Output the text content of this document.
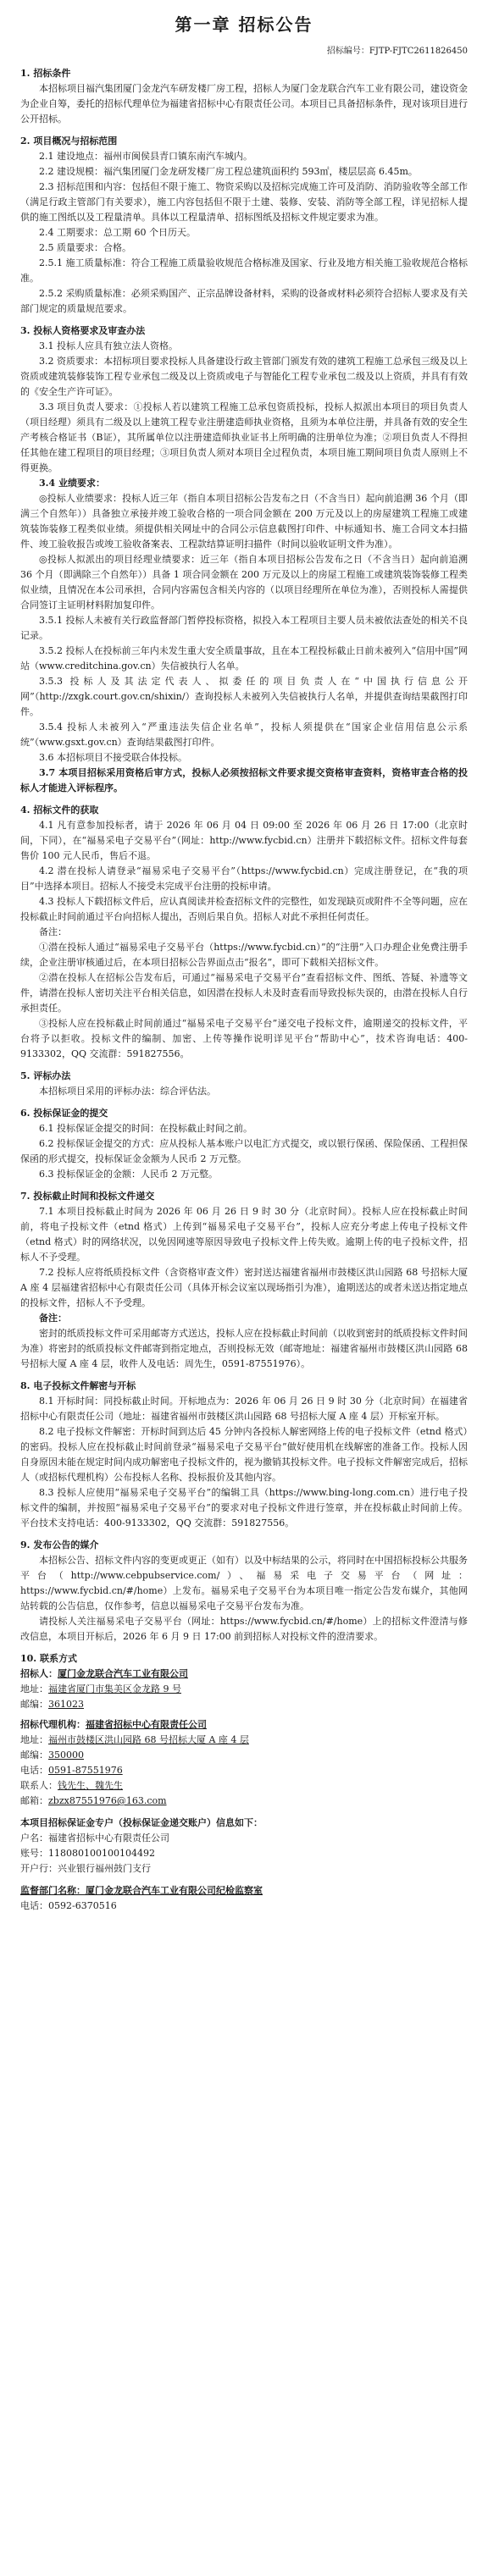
第一章 招标公告
招标编号：FJTP-FJTC2611826450
1. 招标条件

本招标项目福汽集团厦门金龙汽车研发楼厂房工程，招标人为厦门金龙联合汽车工业有限公司，建设资金为企业自筹，委托的招标代理单位为福建省招标中心有限责任公司。本项目已具备招标条件，现对该项目进行公开招标。

2. 项目概况与招标范围

2.1 建设地点：福州市闽侯县青口镇东南汽车城内。

2.2 建设规模：福汽集团厦门金龙研发楼厂房工程总建筑面积约 593㎡，楼层层高 6.45m。

2.3 招标范围和内容：包括但不限于施工、物资采购以及招标完成施工许可及消防、消防验收等全部工作（满足行政主管部门有关要求），施工内容包括但不限于土建、装修、安装、消防等全部工程，详见招标人提供的施工图纸以及工程量清单。具体以工程量清单、招标图纸及招标文件规定要求为准。

2.4 工期要求：总工期 60 个日历天。

2.5 质量要求：合格。

2.5.1 施工质量标准：符合工程施工质量验收规范合格标准及国家、行业及地方相关施工验收规范合格标准。

2.5.2 采购质量标准：必须采购国产、正宗品牌设备材料，采购的设备或材料必须符合招标人要求及有关部门规定的质量规范要求。

3. 投标人资格要求及审查办法

3.1 投标人应具有独立法人资格。

3.2 资质要求：本招标项目要求投标人具备建设行政主管部门颁发有效的建筑工程施工总承包三级及以上资质或建筑装修装饰工程专业承包二级及以上资质或电子与智能化工程专业承包二级及以上资质，并具有有效的《安全生产许可证》。

3.3 项目负责人要求：①投标人若以建筑工程施工总承包资质投标，投标人拟派出本项目的项目负责人（项目经理）须具有二级及以上建筑工程专业注册建造师执业资格，且须为本单位注册，并具备有效的安全生产考核合格证书（B证），其所属单位以注册建造师执业证书上所明确的注册单位为准；②项目负责人不得担任其他在建工程项目的项目经理；③项目负责人须对本项目全过程负责，本项目施工期间项目负责人原则上不得更换。

3.4 业绩要求：

◎投标人业绩要求：投标人近三年（指自本项目招标公告发布之日（不含当日）起向前追溯 36 个月（即满三个自然年））具备独立承接并竣工验收合格的一项合同金额在 200 万元及以上的房屋建筑工程施工或建筑装饰装修工程类似业绩。须提供相关网址中的合同公示信息截图打印件、中标通知书、施工合同文本扫描件、竣工验收报告或竣工验收备案表、工程款结算证明扫描件（时间以验收证明文件为准）。

◎投标人拟派出的项目经理业绩要求：近三年（指自本项目招标公告发布之日（不含当日）起向前追溯 36 个月（即满除三个自然年））具备 1 项合同金额在 200 万元及以上的房屋工程施工或建筑装饰装修工程类似业绩，且情况在本公司承担，合同内容需包含相关内容的（以项目经理所在单位为准），否则投标人需提供合同签订主证明材料附加复印件。

3.5.1 投标人未被有关行政监督部门暂停投标资格，拟投入本工程项目主要人员未被依法查处的相关不良记录。

3.5.2 投标人在投标前三年内未发生重大安全质量事故，且在本工程投标截止日前未被列入“信用中国”网站（www.creditchina.gov.cn）失信被执行人名单。

3.5.3 投标人及其法定代表人、拟委任的项目负责人在“中国执行信息公开网”（http://zxgk.court.gov.cn/shixin/）查询投标人未被列入失信被执行人名单，并提供查询结果截图打印件。

3.5.4 投标人未被列入“严重违法失信企业名单”，投标人须提供在“国家企业信用信息公示系统”（www.gsxt.gov.cn）查询结果截图打印件。

3.6 本招标项目不接受联合体投标。

3.7 本项目招标采用资格后审方式，投标人必须按招标文件要求提交资格审查资料，资格审查合格的投标人才能进入评标程序。

4. 招标文件的获取

4.1 凡有意参加投标者，请于 2026 年 06 月 04 日 09:00 至 2026 年 06 月 26 日 17:00（北京时间，下同），在“福易采电子交易平台”（网址：http://www.fycbid.cn）注册并下载招标文件。招标文件每套售价 100 元人民币，售后不退。

4.2 潜在投标人请登录“福易采电子交易平台”（https://www.fycbid.cn）完成注册登记，在“我的项目”中选择本项目。招标人不接受未完成平台注册的投标申请。

4.3 投标人下载招标文件后，应认真阅读并检查招标文件的完整性，如发现缺页或附件不全等问题，应在投标截止时间前通过平台向招标人提出，否则后果自负。招标人对此不承担任何责任。

备注：

①潜在投标人通过“福易采电子交易平台（https://www.fycbid.cn）”的“注册”入口办理企业免费注册手续，企业注册审核通过后，在本项目招标公告界面点击“报名”，即可下载相关招标文件。

②潜在投标人在招标公告发布后，可通过“福易采电子交易平台”查看招标文件、图纸、答疑、补遗等文件，请潜在投标人密切关注平台相关信息，如因潜在投标人未及时查看而导致投标失误的，由潜在投标人自行承担责任。

③投标人应在投标截止时间前通过“福易采电子交易平台”递交电子投标文件，逾期递交的投标文件，平台将予以拒收。投标文件的编制、加密、上传等操作说明详见平台“帮助中心”，技术咨询电话：400-9133302，QQ 交流群：591827556。

5. 评标办法

本招标项目采用的评标办法：综合评估法。

6. 投标保证金的提交

6.1 投标保证金提交的时间：在投标截止时间之前。

6.2 投标保证金提交的方式：应从投标人基本账户以电汇方式提交，或以银行保函、保险保函、工程担保保函的形式提交，投标保证金金额为人民币 2 万元整。

6.3 投标保证金的金额：人民币 2 万元整。

7. 投标截止时间和投标文件递交

7.1 本项目投标截止时间为 2026 年 06 月 26 日 9 时 30 分（北京时间）。投标人应在投标截止时间前，将电子投标文件（etnd 格式）上传到“福易采电子交易平台”，投标人应充分考虑上传电子投标文件（etnd 格式）时的网络状况，以免因网速等原因导致电子投标文件上传失败。逾期上传的电子投标文件，招标人不予受理。

7.2 投标人应将纸质投标文件（含资格审查文件）密封送达福建省福州市鼓楼区洪山园路 68 号招标大厦 A 座 4 层福建省招标中心有限责任公司（具体开标会议室以现场指引为准），逾期送达的或者未送达指定地点的投标文件，招标人不予受理。

备注：

密封的纸质投标文件可采用邮寄方式送达，投标人应在投标截止时间前（以收到密封的纸质投标文件时间为准）将密封的纸质投标文件邮寄到指定地点，否则投标无效（邮寄地址：福建省福州市鼓楼区洪山园路 68 号招标大厦 A 座 4 层，收件人及电话：周先生，0591-87551976）。

8. 电子投标文件解密与开标

8.1 开标时间：同投标截止时间。开标地点为：2026 年 06 月 26 日 9 时 30 分（北京时间）在福建省招标中心有限责任公司（地址：福建省福州市鼓楼区洪山园路 68 号招标大厦 A 座 4 层）开标室开标。

8.2 电子投标文件解密：开标时间到达后 45 分钟内各投标人解密网络上传的电子投标文件（etnd 格式）的密码。投标人应在投标截止时间前登录“福易采电子交易平台”做好使用机在线解密的准备工作。投标人因自身原因未能在规定时间内成功解密电子投标文件的，视为撤销其投标文件。电子投标文件解密完成后，招标人（或招标代理机构）公布投标人名称、投标报价及其他内容。

8.3 投标人应使用“福易采电子交易平台”的编辑工具（https://www.bing-long.com.cn）进行电子投标文件的编制，并按照“福易采电子交易平台”的要求对电子投标文件进行签章，并在投标截止时间前上传。平台技术支持电话：400-9133302，QQ 交流群：591827556。

9. 发布公告的媒介

本招标公告、招标文件内容的变更或更正（如有）以及中标结果的公示，将同时在中国招标投标公共服务平台（http://www.cebpubservice.com/）、福易采电子交易平台（网址：https://www.fycbid.cn/#/home）上发布。福易采电子交易平台为本项目唯一指定公告发布媒介，其他网站转载的公告信息，仅作参考，信息以福易采电子交易平台发布为准。

请投标人关注福易采电子交易平台（网址：https://www.fycbid.cn/#/home）上的招标文件澄清与修改信息，本项目开标后，2026 年 6 月 9 日 17:00 前到招标人对投标文件的澄清要求。

10. 联系方式

招标人：厦门金龙联合汽车工业有限公司

地址：福建省厦门市集美区金龙路 9 号

邮编：361023

招标代理机构：福建省招标中心有限责任公司

地址：福州市鼓楼区洪山园路 68 号招标大厦 A 座 4 层

邮编：350000

电话：0591-87551976

联系人：钱先生、魏先生

邮箱：zbzx87551976@163.com

本项目招标保证金专户（投标保证金递交账户）信息如下：

户名：福建省招标中心有限责任公司

账号：118080100100104492

开户行：兴业银行福州鼓门支行

监督部门名称：厦门金龙联合汽车工业有限公司纪检监察室

电话：0592-6370516
